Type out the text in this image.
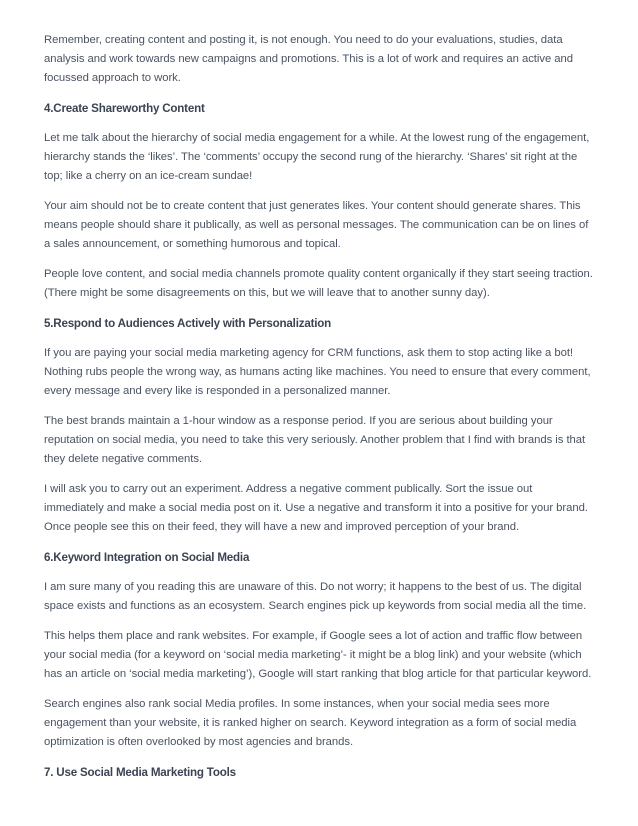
Remember, creating content and posting it, is not enough. You need to do your evaluations, studies, data analysis and work towards new campaigns and promotions. This is a lot of work and requires an active and focussed approach to work.

4.Create Shareworthy Content

Let me talk about the hierarchy of social media engagement for a while. At the lowest rung of the engagement, hierarchy stands the ‘likes’. The ‘comments’ occupy the second rung of the hierarchy. ‘Shares’ sit right at the top; like a cherry on an ice-cream sundae!

Your aim should not be to create content that just generates likes. Your content should generate shares. This means people should share it publically, as well as personal messages. The communication can be on lines of a sales announcement, or something humorous and topical.

People love content, and social media channels promote quality content organically if they start seeing traction. (There might be some disagreements on this, but we will leave that to another sunny day).

5.Respond to Audiences Actively with Personalization

If you are paying your social media marketing agency for CRM functions, ask them to stop acting like a bot! Nothing rubs people the wrong way, as humans acting like machines. You need to ensure that every comment, every message and every like is responded in a personalized manner.

The best brands maintain a 1-hour window as a response period. If you are serious about building your reputation on social media, you need to take this very seriously. Another problem that I find with brands is that they delete negative comments.

I will ask you to carry out an experiment. Address a negative comment publically. Sort the issue out immediately and make a social media post on it. Use a negative and transform it into a positive for your brand. Once people see this on their feed, they will have a new and improved perception of your brand.

6.Keyword Integration on Social Media

I am sure many of you reading this are unaware of this. Do not worry; it happens to the best of us. The digital space exists and functions as an ecosystem. Search engines pick up keywords from social media all the time.

This helps them place and rank websites. For example, if Google sees a lot of action and traffic flow between your social media (for a keyword on ‘social media marketing’- it might be a blog link) and your website (which has an article on ‘social media marketing’), Google will start ranking that blog article for that particular keyword.

Search engines also rank social Media profiles. In some instances, when your social media sees more engagement than your website, it is ranked higher on search. Keyword integration as a form of social media optimization is often overlooked by most agencies and brands.

7. Use Social Media Marketing Tools
